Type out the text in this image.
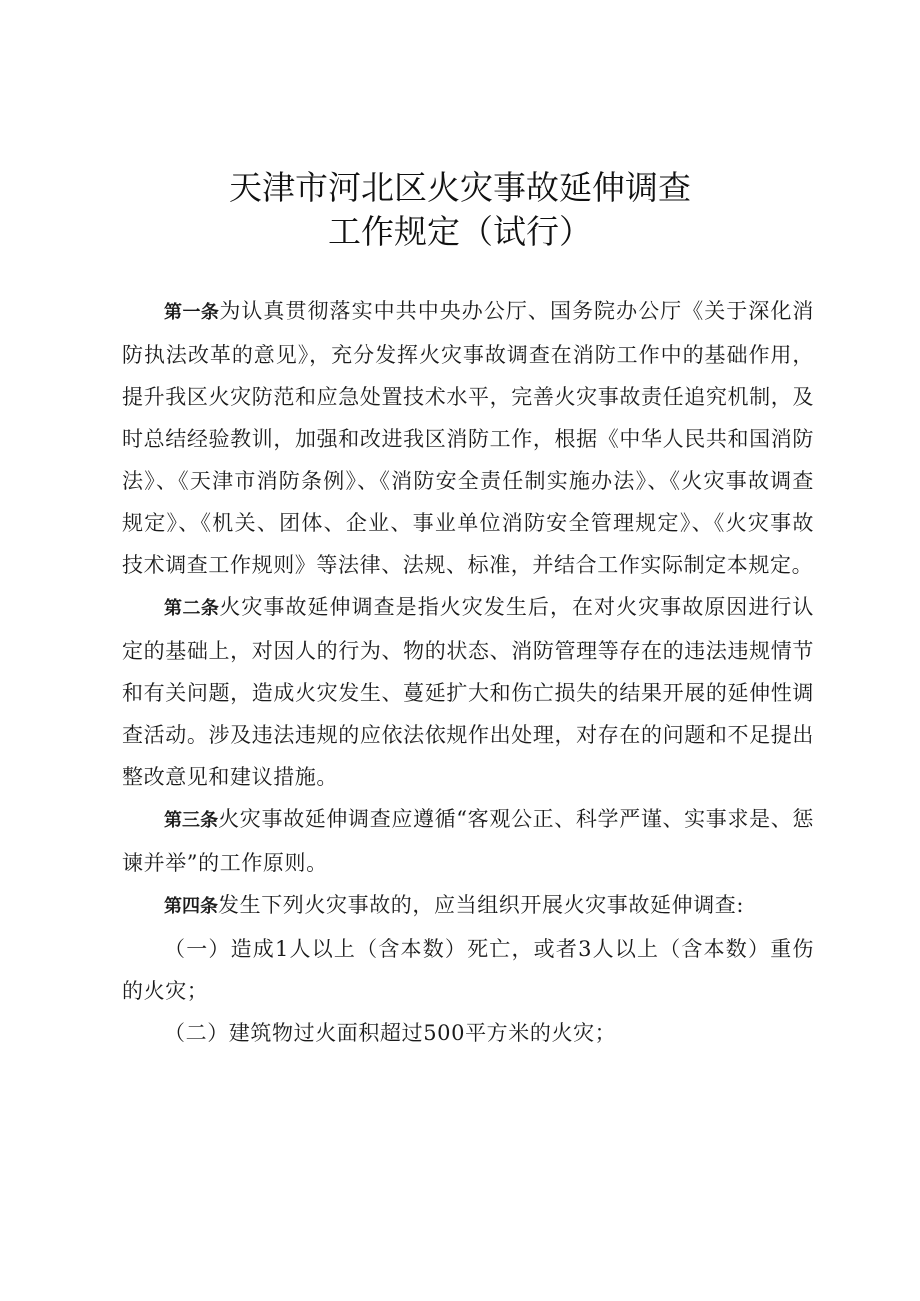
天津市河北区火灾事故延伸调查
工作规定（试行）

第一条为认真贯彻落实中共中央办公厅、国务院办公厅《关于深化消防执法改革的意见》，充分发挥火灾事故调查在消防工作中的基础作用，提升我区火灾防范和应急处置技术水平，完善火灾事故责任追究机制，及时总结经验教训，加强和改进我区消防工作，根据《中华人民共和国消防法》、《天津市消防条例》、《消防安全责任制实施办法》、《火灾事故调查规定》、《机关、团体、企业、事业单位消防安全管理规定》、《火灾事故技术调查工作规则》等法律、法规、标准，并结合工作实际制定本规定。

第二条火灾事故延伸调查是指火灾发生后，在对火灾事故原因进行认定的基础上，对因人的行为、物的状态、消防管理等存在的违法违规情节和有关问题，造成火灾发生、蔓延扩大和伤亡损失的结果开展的延伸性调查活动。涉及违法违规的应依法依规作出处理，对存在的问题和不足提出整改意见和建议措施。

第三条火灾事故延伸调查应遵循“客观公正、科学严谨、实事求是、惩谏并举”的工作原则。

第四条发生下列火灾事故的，应当组织开展火灾事故延伸调查:

（一）造成1人以上（含本数）死亡，或者3人以上（含本数）重伤的火灾；

（二）建筑物过火面积超过500平方米的火灾；
